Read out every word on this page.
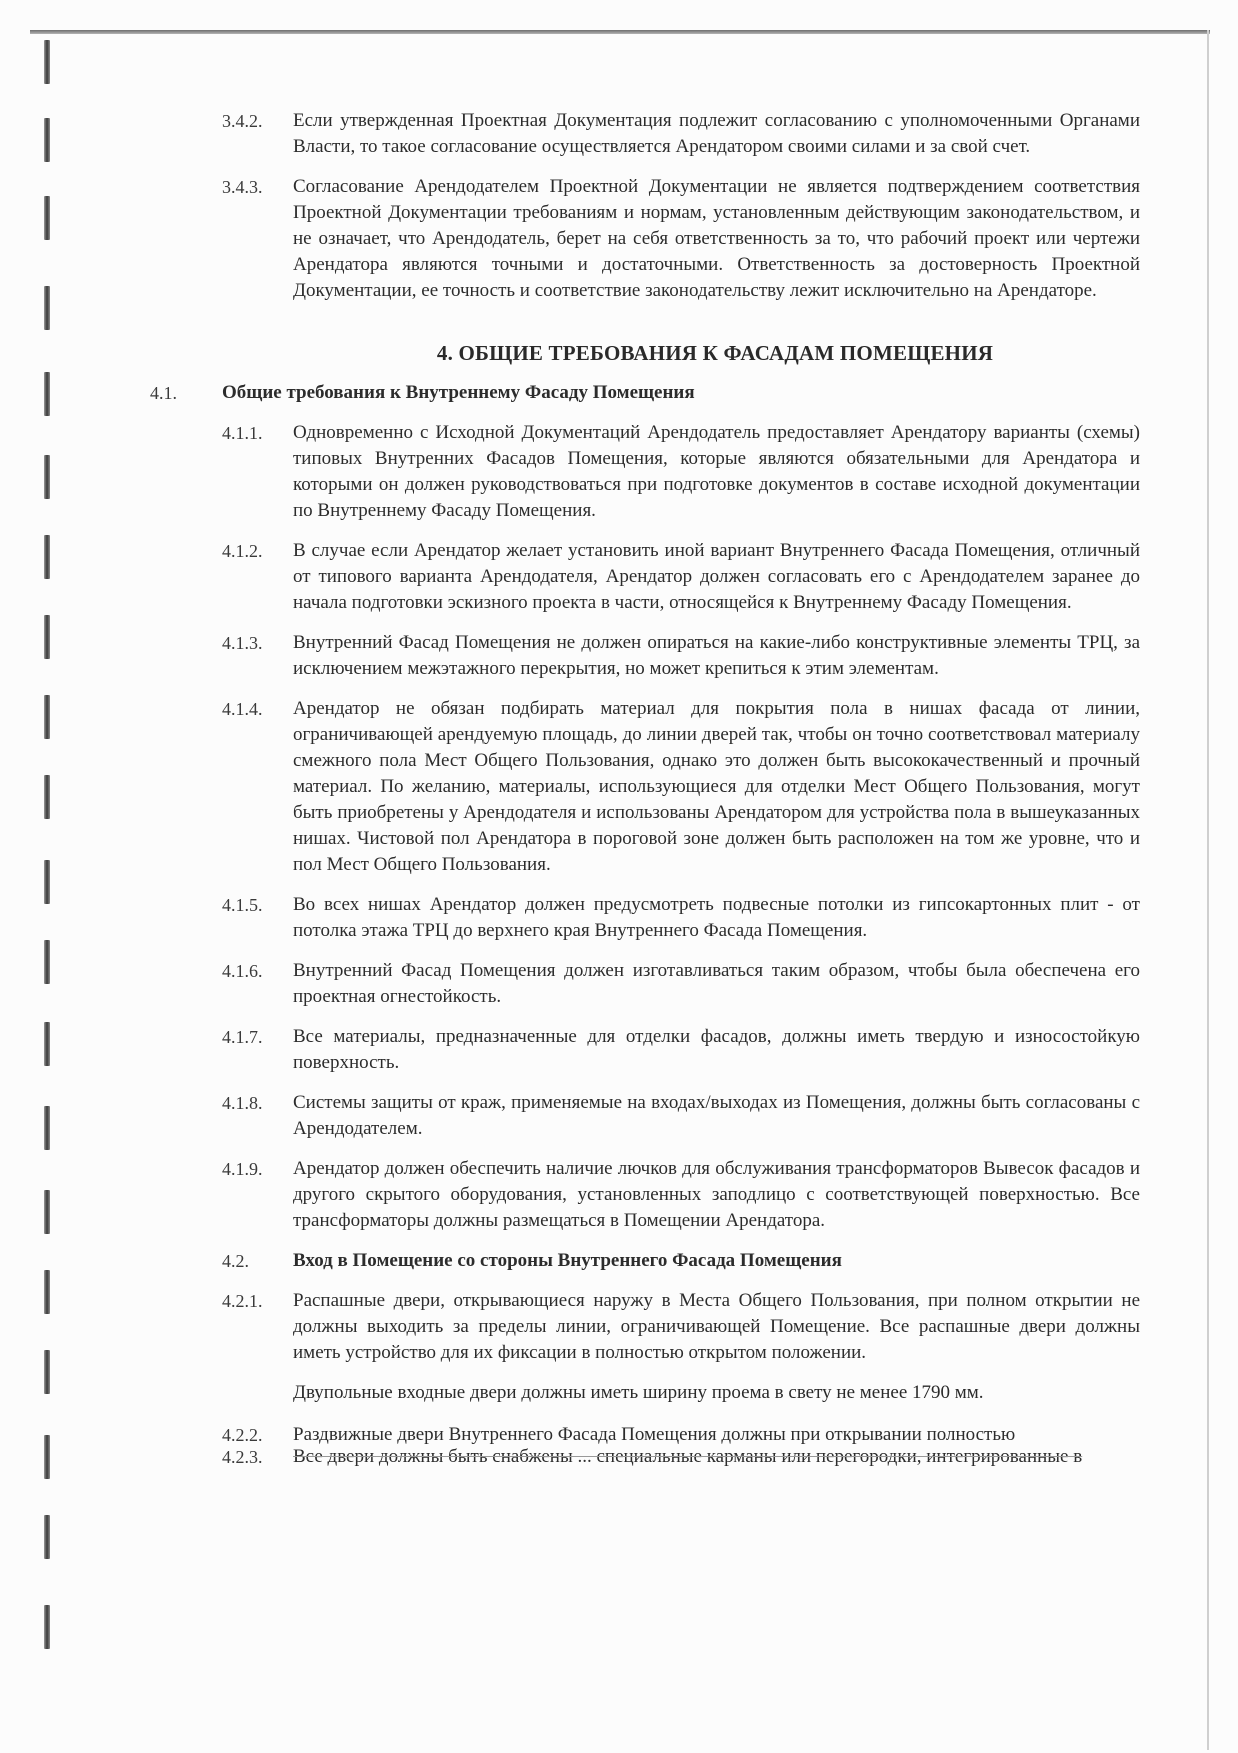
3.4.2.	Если утвержденная Проектная Документация подлежит согласованию с уполномоченными Органами Власти, то такое согласование осуществляется Арендатором своими силами и за свой счет.
3.4.3.	Согласование Арендодателем Проектной Документации не является подтверждением соответствия Проектной Документации требованиям и нормам, установленным действующим законодательством, и не означает, что Арендодатель, берет на себя ответственность за то, что рабочий проект или чертежи Арендатора являются точными и достаточными. Ответственность за достоверность Проектной Документации, ее точность и соответствие законодательству лежит исключительно на Арендаторе.
4. ОБЩИЕ ТРЕБОВАНИЯ К ФАСАДАМ ПОМЕЩЕНИЯ
4.1.	Общие требования к Внутреннему Фасаду Помещения
4.1.1.	Одновременно с Исходной Документаций Арендодатель предоставляет Арендатору варианты (схемы) типовых Внутренних Фасадов Помещения, которые являются обязательными для Арендатора и которыми он должен руководствоваться при подготовке документов в составе исходной документации по Внутреннему Фасаду Помещения.
4.1.2.	В случае если Арендатор желает установить иной вариант Внутреннего Фасада Помещения, отличный от типового варианта Арендодателя, Арендатор должен согласовать его с Арендодателем заранее до начала подготовки эскизного проекта в части, относящейся к Внутреннему Фасаду Помещения.
4.1.3.	Внутренний Фасад Помещения не должен опираться на какие-либо конструктивные элементы ТРЦ, за исключением межэтажного перекрытия, но может крепиться к этим элементам.
4.1.4.	Арендатор не обязан подбирать материал для покрытия пола в нишах фасада от линии, ограничивающей арендуемую площадь, до линии дверей так, чтобы он точно соответствовал материалу смежного пола Мест Общего Пользования, однако это должен быть высококачественный и прочный материал. По желанию, материалы, использующиеся для отделки Мест Общего Пользования, могут быть приобретены у Арендодателя и использованы Арендатором для устройства пола в вышеуказанных нишах. Чистовой пол Арендатора в пороговой зоне должен быть расположен на том же уровне, что и пол Мест Общего Пользования.
4.1.5.	Во всех нишах Арендатор должен предусмотреть подвесные потолки из гипсокартонных плит - от потолка этажа ТРЦ до верхнего края Внутреннего Фасада Помещения.
4.1.6.	Внутренний Фасад Помещения должен изготавливаться таким образом, чтобы была обеспечена его проектная огнестойкость.
4.1.7.	Все материалы, предназначенные для отделки фасадов, должны иметь твердую и износостойкую поверхность.
4.1.8.	Системы защиты от краж, применяемые на входах/выходах из Помещения, должны быть согласованы с Арендодателем.
4.1.9.	Арендатор должен обеспечить наличие лючков для обслуживания трансформаторов Вывесок фасадов и другого скрытого оборудования, установленных заподлицо с соответствующей поверхностью. Все трансформаторы должны размещаться в Помещении Арендатора.
4.2.	Вход в Помещение со стороны Внутреннего Фасада Помещения
4.2.1.	Распашные двери, открывающиеся наружу в Места Общего Пользования, при полном открытии не должны выходить за пределы линии, ограничивающей Помещение. Все распашные двери должны иметь устройство для их фиксации в полностью открытом положении.
Двупольные входные двери должны иметь ширину проема в свету не менее 1790 мм.
4.2.2.	Раздвижные двери Внутреннего Фасада Помещения должны при открывании полностью
4.2.3.	Все двери должны быть снабжены ... специальные карманы или перегородки, интегрированные в
